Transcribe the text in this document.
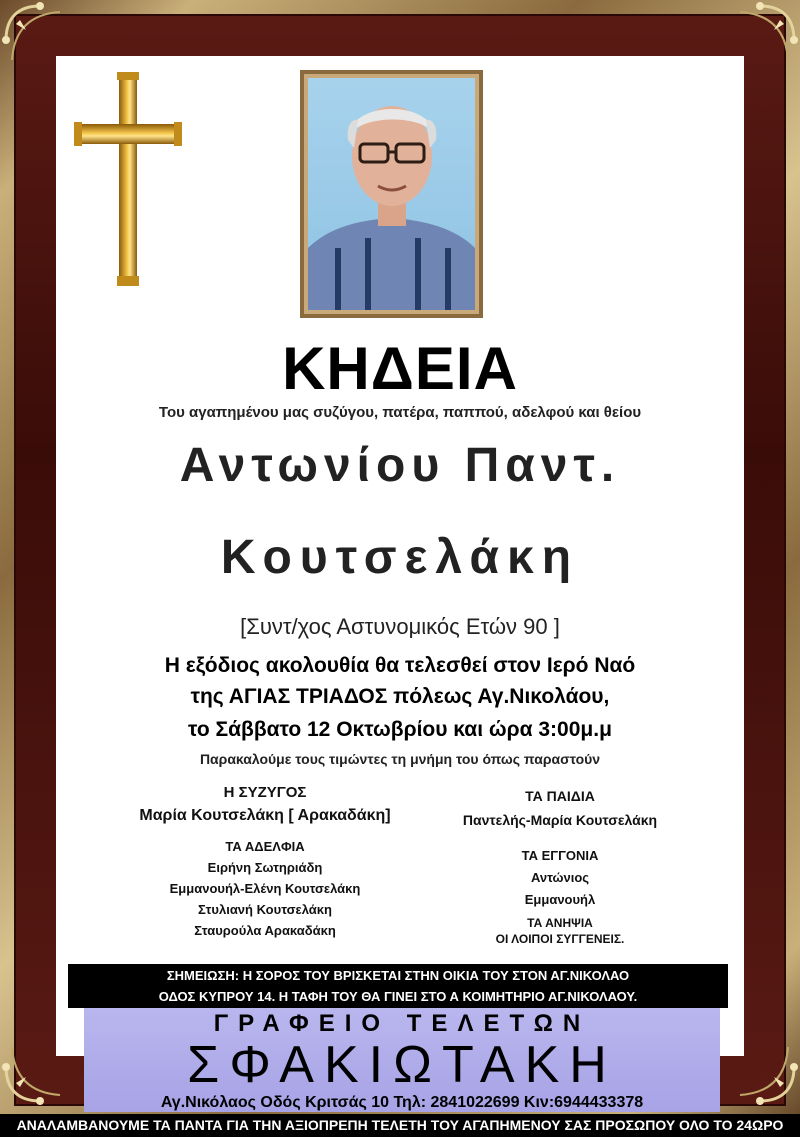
ΚΗΔΕΙΑ
Του αγαπημένου μας συζύγου, πατέρα, παππού, αδελφού και θείου
Αντωνίου Παντ.
Κουτσελάκη
[Συντ/χος Αστυνομικός Ετών 90 ]
Η εξόδιος ακολουθία θα τελεσθεί στον Ιερό Ναό
της ΑΓΙΑΣ ΤΡΙΑΔΟΣ πόλεως Αγ.Νικολάου,
το Σάββατο 12 Οκτωβρίου και ώρα 3:00μ.μ
Παρακαλούμε τους τιμώντες τη μνήμη του όπως παραστούν
Η ΣΥΖΥΓΟΣ
Μαρία Κουτσελάκη [ Αρακαδάκη]
ΤΑ ΑΔΕΛΦΙΑ
Ειρήνη Σωτηριάδη
Εμμανουήλ-Ελένη Κουτσελάκη
Στυλιανή Κουτσελάκη
Σταυρούλα Αρακαδάκη
ΤΑ ΠΑΙΔΙΑ
Παντελής-Μαρία Κουτσελάκη
ΤΑ ΕΓΓΟΝΙΑ
Αντώνιος
Εμμανουήλ
ΤΑ ΑΝΗΨΙΑ
ΟΙ ΛΟΙΠΟΙ ΣΥΓΓΕΝΕΙΣ.
ΣΗΜΕΙΩΣΗ: Η ΣΟΡΟΣ ΤΟΥ ΒΡΙΣΚΕΤΑΙ ΣΤΗΝ ΟΙΚΙΑ ΤΟΥ ΣΤΟΝ ΑΓ.ΝΙΚΟΛΑΟ
ΟΔΟΣ ΚΥΠΡΟΥ 14. Η ΤΑΦΗ ΤΟΥ ΘΑ ΓΙΝΕΙ ΣΤΟ Α ΚΟΙΜΗΤΗΡΙΟ ΑΓ.ΝΙΚΟΛΑΟΥ.
ΓΡΑΦΕΙΟ ΤΕΛΕΤΩΝ
ΣΦΑΚΙΩΤΑΚΗ
Αγ.Νικόλαος Οδός Κριτσάς 10 Τηλ: 2841022699 Κιν:6944433378
ΑΝΑΛΑΜΒΑΝΟΥΜΕ ΤΑ ΠΑΝΤΑ ΓΙΑ ΤΗΝ ΑΞΙΟΠΡΕΠΗ ΤΕΛΕΤΗ ΤΟΥ ΑΓΑΠΗΜΕΝΟΥ ΣΑΣ ΠΡΟΣΩΠΟΥ ΟΛΟ ΤΟ 24ΩΡΟ
